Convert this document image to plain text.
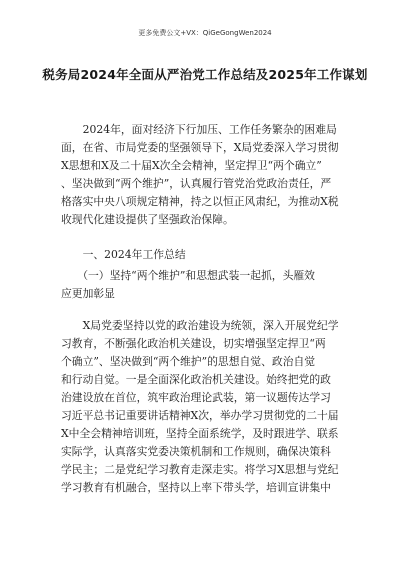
更多免费公文+VX：QiGeGongWen2024
税务局2024年全面从严治党工作总结及2025年工作谋划
　　2024年，面对经济下行加压、工作任务繁杂的困难局
面，在省、市局党委的坚强领导下，X局党委深入学习贯彻
X思想和X及二十届X次全会精神，坚定捍卫“两个确立”
、坚决做到“两个维护”，认真履行管党治党政治责任，严
格落实中央八项规定精神，持之以恒正风肃纪，为推动X税
收现代化建设提供了坚强政治保障。
　　一、2024年工作总结
　　（一）坚持“两个维护”和思想武装一起抓，头雁效
应更加彰显
　　X局党委坚持以党的政治建设为统领，深入开展党纪学
习教育，不断强化政治机关建设，切实增强坚定捍卫“两
个确立”、坚决做到“两个维护”的思想自觉、政治自觉
和行动自觉。一是全面深化政治机关建设。始终把党的政
治建设放在首位，筑牢政治理论武装，第一议题传达学习
习近平总书记重要讲话精神X次，举办学习贯彻党的二十届
X中全会精神培训班，坚持全面系统学，及时跟进学、联系
实际学，认真落实党委决策机制和工作规则，确保决策科
学民主；二是党纪学习教育走深走实。将学习X思想与党纪
学习教育有机融合，坚持以上率下带头学，培训宣讲集中
